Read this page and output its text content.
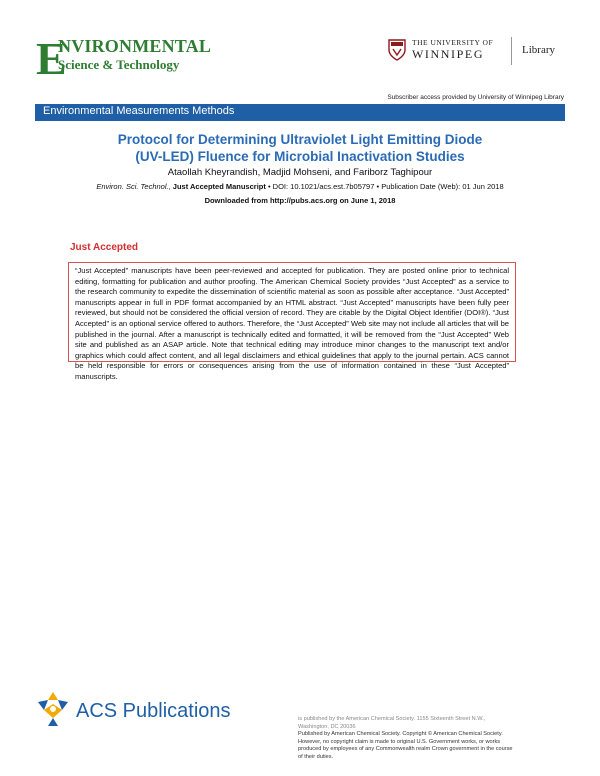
E
NVIRONMENTAL
Science & Technology
THE UNIVERSITY OF
WINNIPEG	Library
Subscriber access provided by University of Winnipeg Library
Environmental Measurements Methods
Protocol for Determining Ultraviolet Light Emitting Diode
(UV-LED) Fluence for Microbial Inactivation Studies
Ataollah Kheyrandish, Madjid Mohseni, and Fariborz Taghipour
Environ. Sci. Technol., Just Accepted Manuscript • DOI: 10.1021/acs.est.7b05797 • Publication Date (Web): 01 Jun 2018
Downloaded from http://pubs.acs.org on June 1, 2018
Just Accepted

“Just Accepted” manuscripts have been peer-reviewed and accepted for publication. They are posted online prior to technical editing, formatting for publication and author proofing. The American Chemical Society provides “Just Accepted” as a service to the research community to expedite the dissemination of scientific material as soon as possible after acceptance. “Just Accepted” manuscripts appear in full in PDF format accompanied by an HTML abstract. “Just Accepted” manuscripts have been fully peer reviewed, but should not be considered the official version of record. They are citable by the Digital Object Identifier (DOI®). “Just Accepted” is an optional service offered to authors. Therefore, the “Just Accepted” Web site may not include all articles that will be published in the journal. After a manuscript is technically edited and formatted, it will be removed from the “Just Accepted” Web site and published as an ASAP article. Note that technical editing may introduce minor changes to the manuscript text and/or graphics which could affect content, and all legal disclaimers and ethical guidelines that apply to the journal pertain. ACS cannot be held responsible for errors or consequences arising from the use of information contained in these “Just Accepted” manuscripts.

ACS Publications	is published by the American Chemical Society. 1155 Sixteenth Street N.W.,
Washington, DC 20036
Published by American Chemical Society. Copyright © American Chemical Society.
However, no copyright claim is made to original U.S. Government works, or works
produced by employees of any Commonwealth realm Crown government in the course
of their duties.
